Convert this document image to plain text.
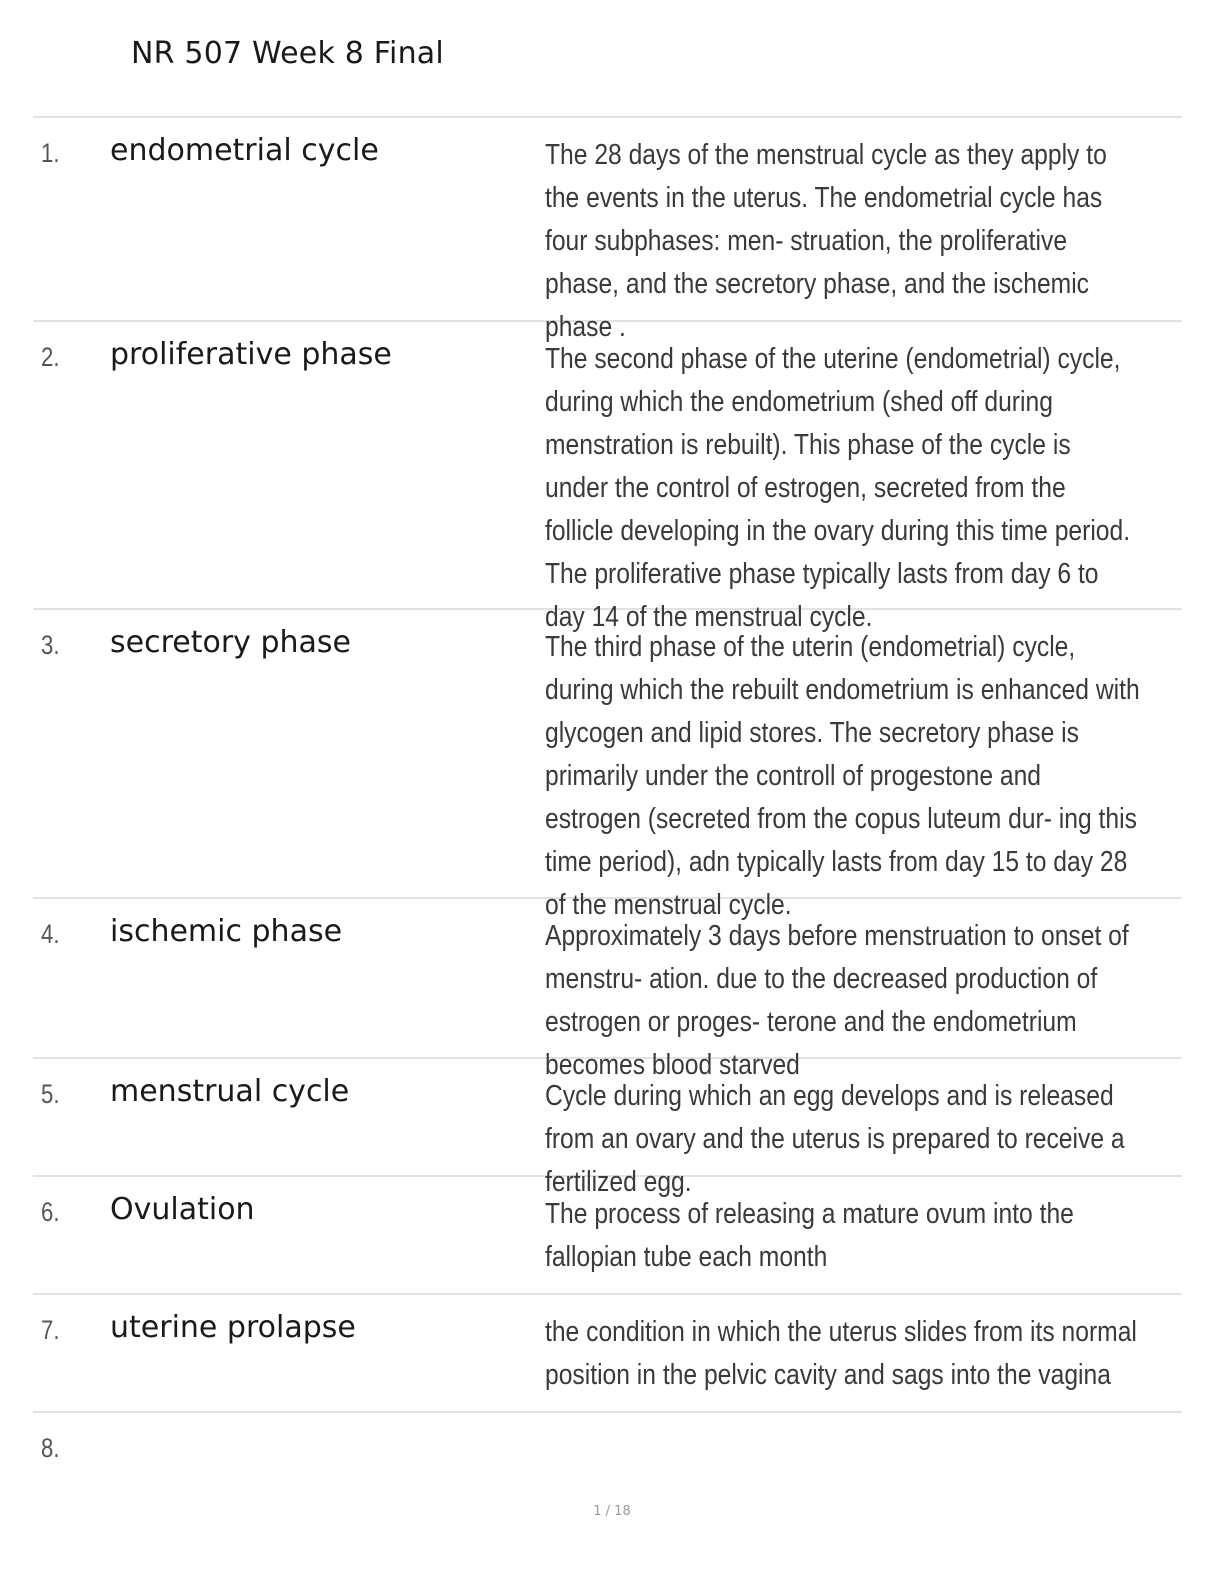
NR 507 Week 8 Final
1. endometrial cycle	The 28 days of the menstrual cycle as they apply to the events in the uterus. The endometrial cycle has four subphases: men- struation, the proliferative phase, and the secretory phase, and the ischemic phase .
2. proliferative phase	The second phase of the uterine (endometrial) cycle, during which the endometrium (shed off during menstration is rebuilt). This phase of the cycle is under the control of estrogen, secreted from the follicle developing in the ovary during this time period. The proliferative phase typically lasts from day 6 to day 14 of the menstrual cycle.
3. secretory phase	The third phase of the uterin (endometrial) cycle, during which the rebuilt endometrium is enhanced with glycogen and lipid stores. The secretory phase is primarily under the controll of progestone and estrogen (secreted from the copus luteum dur- ing this time period), adn typically lasts from day 15 to day 28 of the menstrual cycle.
4. ischemic phase	Approximately 3 days before menstruation to onset of menstru- ation. due to the decreased production of estrogen or proges- terone and the endometrium becomes blood starved
5. menstrual cycle	Cycle during which an egg develops and is released from an ovary and the uterus is prepared to receive a fertilized egg.
6. Ovulation	The process of releasing a mature ovum into the fallopian tube each month
7. uterine prolapse	the condition in which the uterus slides from its normal position in the pelvic cavity and sags into the vagina
8.
1 / 18
